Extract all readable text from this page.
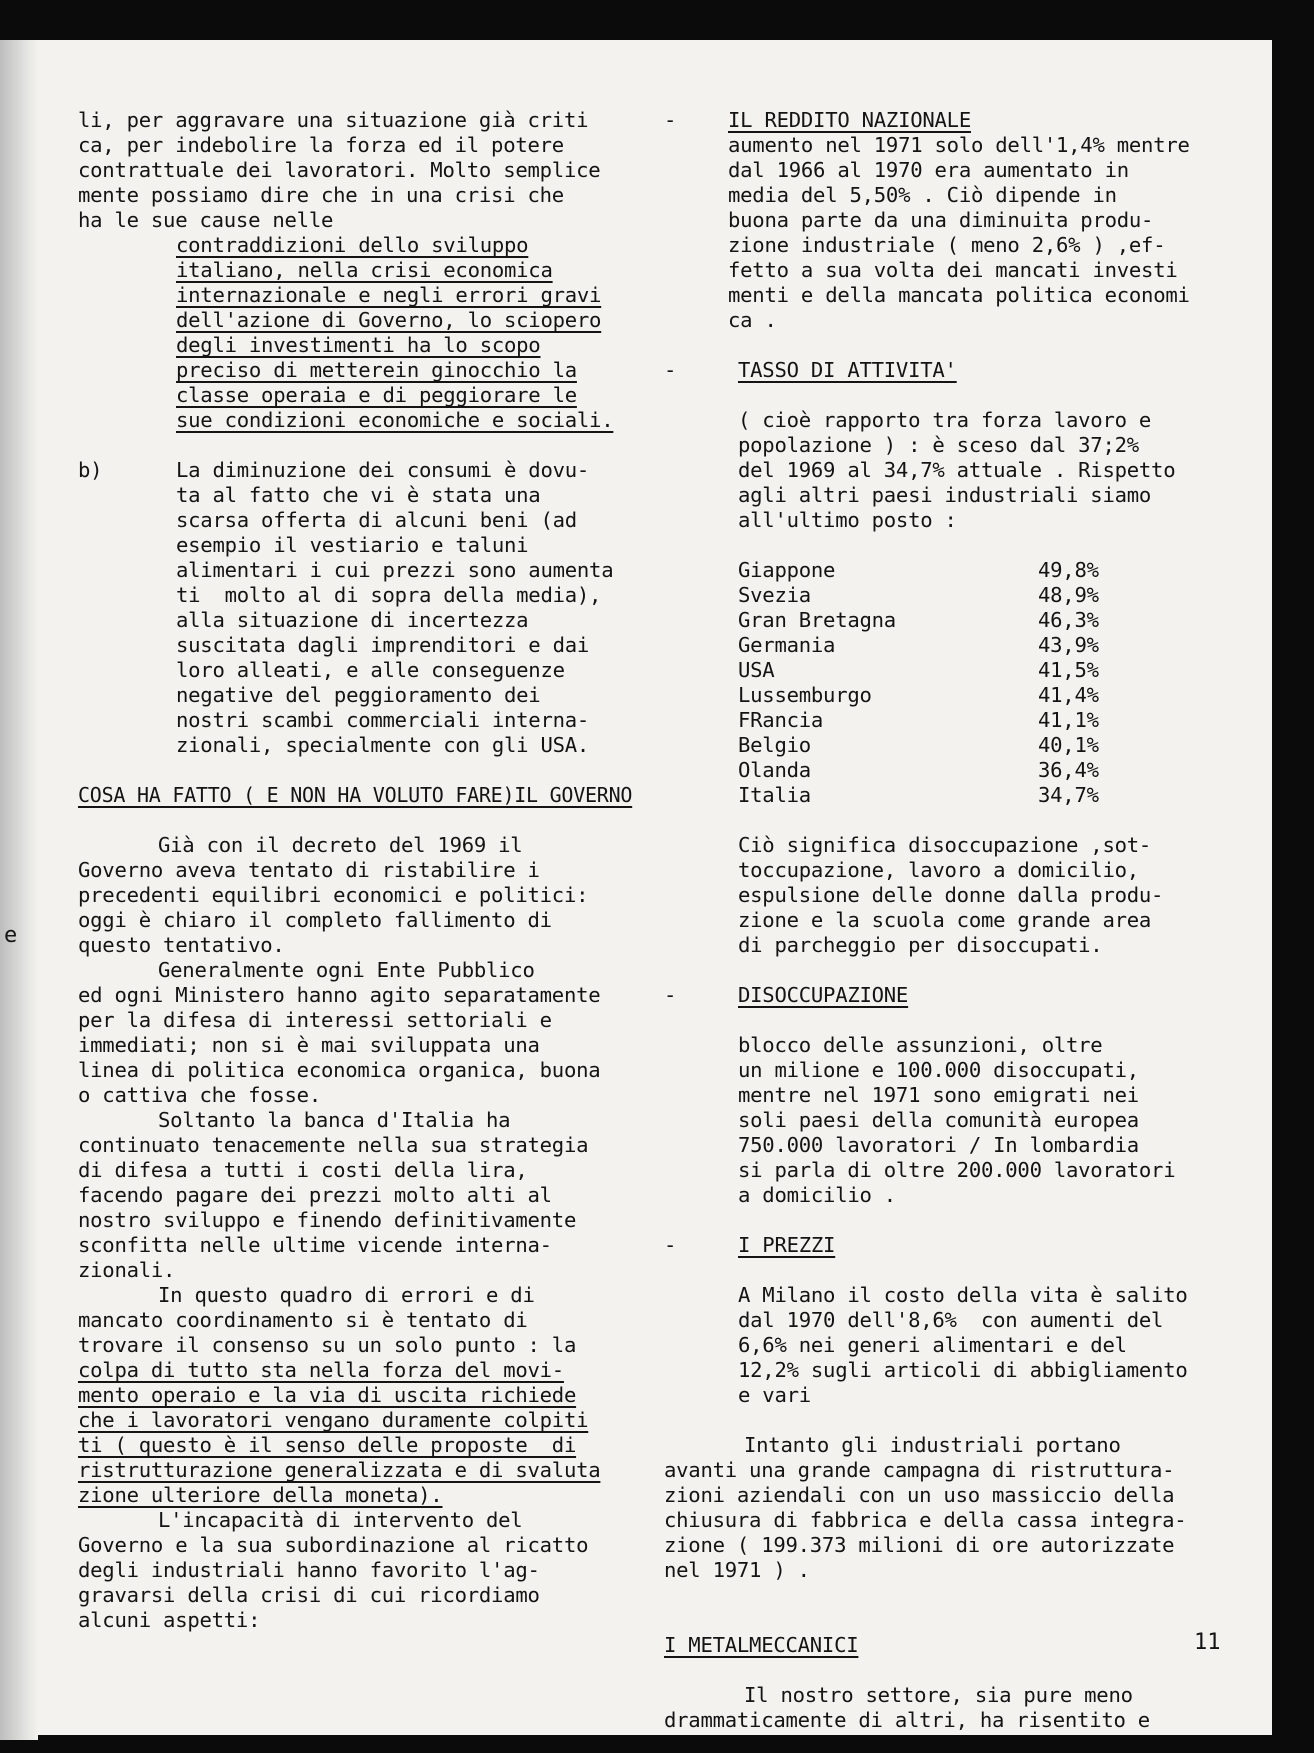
e
li, per aggravare una situazione già criti
ca, per indebolire la forza ed il potere
contrattuale dei lavoratori. Molto semplice
mente possiamo dire che in una crisi che
ha le sue cause nelle
contraddizioni dello sviluppo
italiano, nella crisi economica
internazionale e negli errori gravi
dell'azione di Governo, lo sciopero
degli investimenti ha lo scopo
preciso di metterein ginocchio la
classe operaia e di peggiorare le
sue condizioni economiche e sociali.
b)	La diminuzione dei consumi è dovu-
ta al fatto che vi è stata una
scarsa offerta di alcuni beni (ad
esempio il vestiario e taluni
alimentari i cui prezzi sono aumenta
ti  molto al di sopra della media),
alla situazione di incertezza
suscitata dagli imprenditori e dai
loro alleati, e alle conseguenze
negative del peggioramento dei
nostri scambi commerciali interna-
zionali, specialmente con gli USA.
COSA HA FATTO ( E NON HA VOLUTO FARE)IL GOVERNO
Già con il decreto del 1969 il
Governo aveva tentato di ristabilire i
precedenti equilibri economici e politici:
oggi è chiaro il completo fallimento di
questo tentativo.
Generalmente ogni Ente Pubblico
ed ogni Ministero hanno agito separatamente
per la difesa di interessi settoriali e
immediati; non si è mai sviluppata una
linea di politica economica organica, buona
o cattiva che fosse.
Soltanto la banca d'Italia ha
continuato tenacemente nella sua strategia
di difesa a tutti i costi della lira,
facendo pagare dei prezzi molto alti al
nostro sviluppo e finendo definitivamente
sconfitta nelle ultime vicende interna-
zionali.
In questo quadro di errori e di
mancato coordinamento si è tentato di
trovare il consenso su un solo punto : la
colpa di tutto sta nella forza del movi-
mento operaio e la via di uscita richiede
che i lavoratori vengano duramente colpiti
ti ( questo è il senso delle proposte  di
ristrutturazione generalizzata e di svaluta
zione ulteriore della moneta).
L'incapacità di intervento del
Governo e la sua subordinazione al ricatto
degli industriali hanno favorito l'ag-
gravarsi della crisi di cui ricordiamo
alcuni aspetti:
-	IL REDDITO NAZIONALE
aumento nel 1971 solo dell'1,4% mentre
dal 1966 al 1970 era aumentato in
media del 5,50% . Ciò dipende in
buona parte da una diminuita produ-
zione industriale ( meno 2,6% ) ,ef-
fetto a sua volta dei mancati investi
menti e della mancata politica economi
ca .
-	TASSO DI ATTIVITA'
( cioè rapporto tra forza lavoro e
popolazione ) : è sceso dal 37;2%
del 1969 al 34,7% attuale . Rispetto
agli altri paesi industriali siamo
all'ultimo posto :
Giappone	49,8%
Svezia	48,9%
Gran Bretagna	46,3%
Germania	43,9%
USA	41,5%
Lussemburgo	41,4%
FRancia	41,1%
Belgio	40,1%
Olanda	36,4%
Italia	34,7%
Ciò significa disoccupazione ,sot-
toccupazione, lavoro a domicilio,
espulsione delle donne dalla produ-
zione e la scuola come grande area
di parcheggio per disoccupati.
-	DISOCCUPAZIONE
blocco delle assunzioni, oltre
un milione e 100.000 disoccupati,
mentre nel 1971 sono emigrati nei
soli paesi della comunità europea
750.000 lavoratori / In lombardia
si parla di oltre 200.000 lavoratori
a domicilio .
-	I PREZZI
A Milano il costo della vita è salito
dal 1970 dell'8,6%  con aumenti del
6,6% nei generi alimentari e del
12,2% sugli articoli di abbigliamento
e vari
Intanto gli industriali portano
avanti una grande campagna di ristruttura-
zioni aziendali con un uso massiccio della
chiusura di fabbrica e della cassa integra-
zione ( 199.373 milioni di ore autorizzate
nel 1971 ) .
I METALMECCANICI
Il nostro settore, sia pure meno
drammaticamente di altri, ha risentito e
11
